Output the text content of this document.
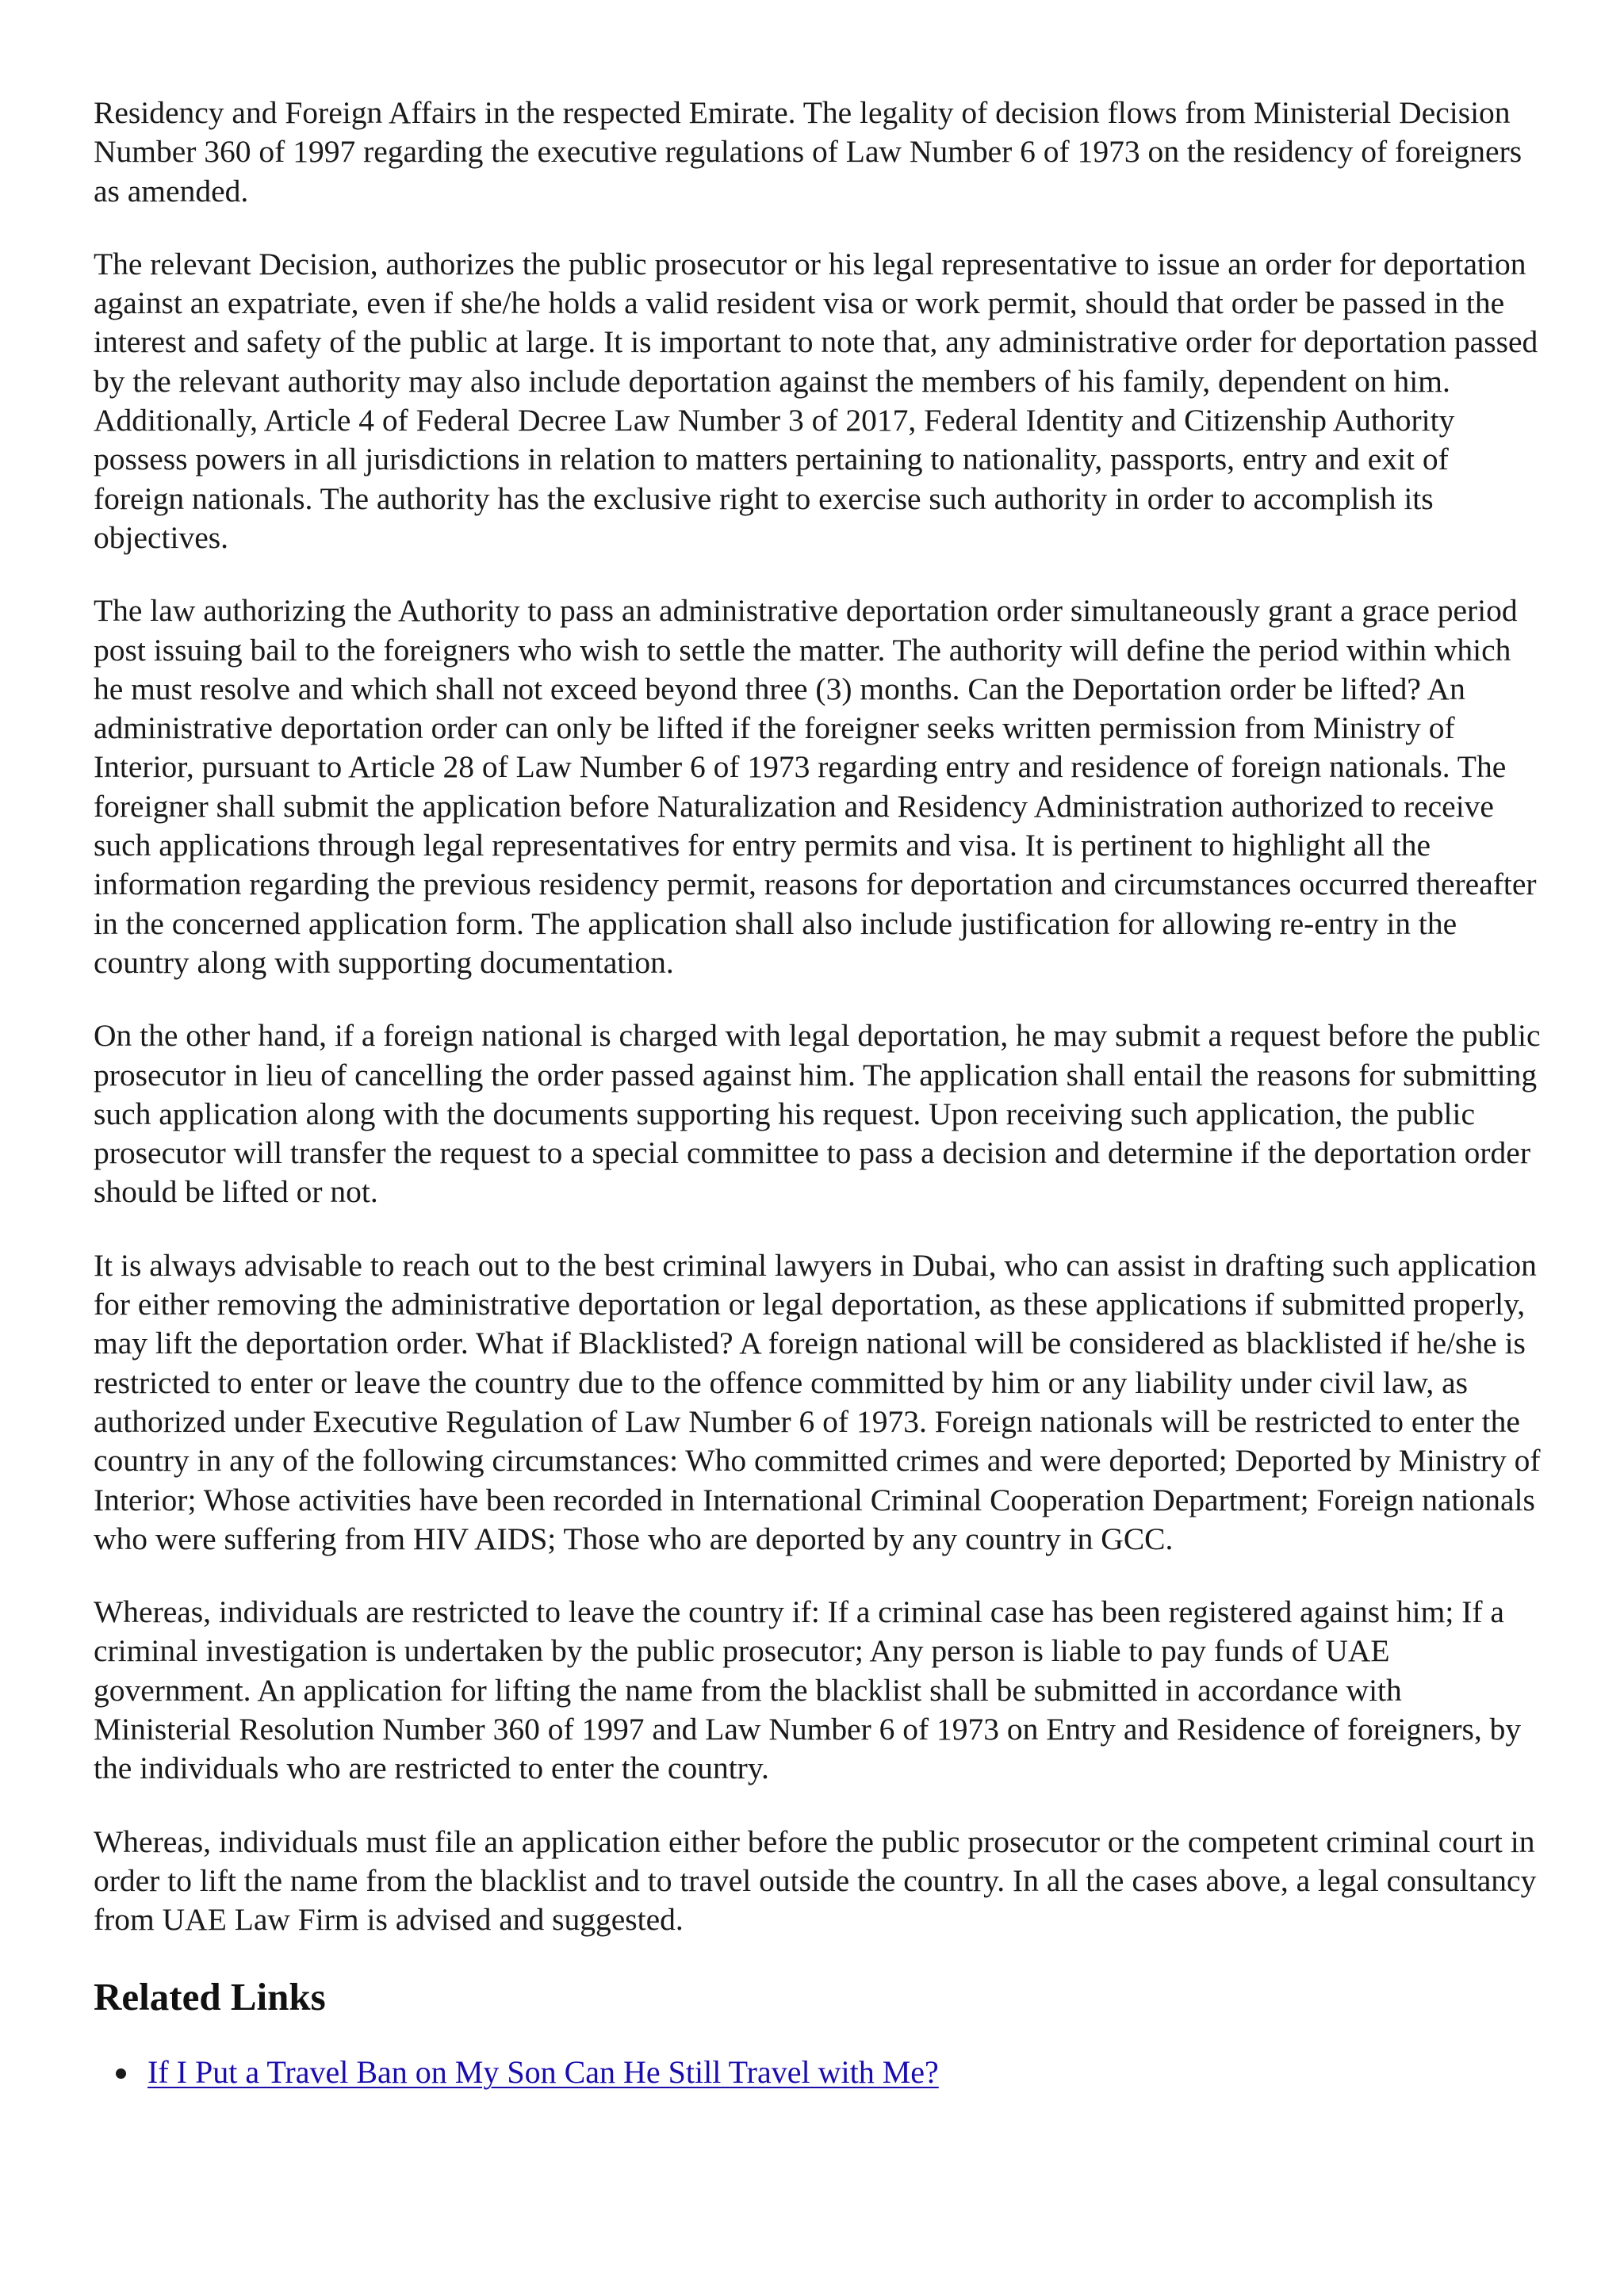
Residency and Foreign Affairs in the respected Emirate. The legality of decision flows from Ministerial Decision Number 360 of 1997 regarding the executive regulations of Law Number 6 of 1973 on the residency of foreigners as amended.

The relevant Decision, authorizes the public prosecutor or his legal representative to issue an order for deportation against an expatriate, even if she/he holds a valid resident visa or work permit, should that order be passed in the interest and safety of the public at large. It is important to note that, any administrative order for deportation passed by the relevant authority may also include deportation against the members of his family, dependent on him. Additionally, Article 4 of Federal Decree Law Number 3 of 2017, Federal Identity and Citizenship Authority possess powers in all jurisdictions in relation to matters pertaining to nationality, passports, entry and exit of foreign nationals. The authority has the exclusive right to exercise such authority in order to accomplish its objectives.

The law authorizing the Authority to pass an administrative deportation order simultaneously grant a grace period post issuing bail to the foreigners who wish to settle the matter. The authority will define the period within which he must resolve and which shall not exceed beyond three (3) months. Can the Deportation order be lifted? An administrative deportation order can only be lifted if the foreigner seeks written permission from Ministry of Interior, pursuant to Article 28 of Law Number 6 of 1973 regarding entry and residence of foreign nationals. The foreigner shall submit the application before Naturalization and Residency Administration authorized to receive such applications through legal representatives for entry permits and visa. It is pertinent to highlight all the information regarding the previous residency permit, reasons for deportation and circumstances occurred thereafter in the concerned application form. The application shall also include justification for allowing re-entry in the country along with supporting documentation.

On the other hand, if a foreign national is charged with legal deportation, he may submit a request before the public prosecutor in lieu of cancelling the order passed against him. The application shall entail the reasons for submitting such application along with the documents supporting his request. Upon receiving such application, the public prosecutor will transfer the request to a special committee to pass a decision and determine if the deportation order should be lifted or not.

It is always advisable to reach out to the best criminal lawyers in Dubai, who can assist in drafting such application for either removing the administrative deportation or legal deportation, as these applications if submitted properly, may lift the deportation order. What if Blacklisted? A foreign national will be considered as blacklisted if he/she is restricted to enter or leave the country due to the offence committed by him or any liability under civil law, as authorized under Executive Regulation of Law Number 6 of 1973. Foreign nationals will be restricted to enter the country in any of the following circumstances: Who committed crimes and were deported; Deported by Ministry of Interior; Whose activities have been recorded in International Criminal Cooperation Department; Foreign nationals who were suffering from HIV AIDS; Those who are deported by any country in GCC.

Whereas, individuals are restricted to leave the country if: If a criminal case has been registered against him; If a criminal investigation is undertaken by the public prosecutor; Any person is liable to pay funds of UAE government. An application for lifting the name from the blacklist shall be submitted in accordance with Ministerial Resolution Number 360 of 1997 and Law Number 6 of 1973 on Entry and Residence of foreigners, by the individuals who are restricted to enter the country.

Whereas, individuals must file an application either before the public prosecutor or the competent criminal court in order to lift the name from the blacklist and to travel outside the country. In all the cases above, a legal consultancy from UAE Law Firm is advised and suggested.

Related Links
If I Put a Travel Ban on My Son Can He Still Travel with Me?
